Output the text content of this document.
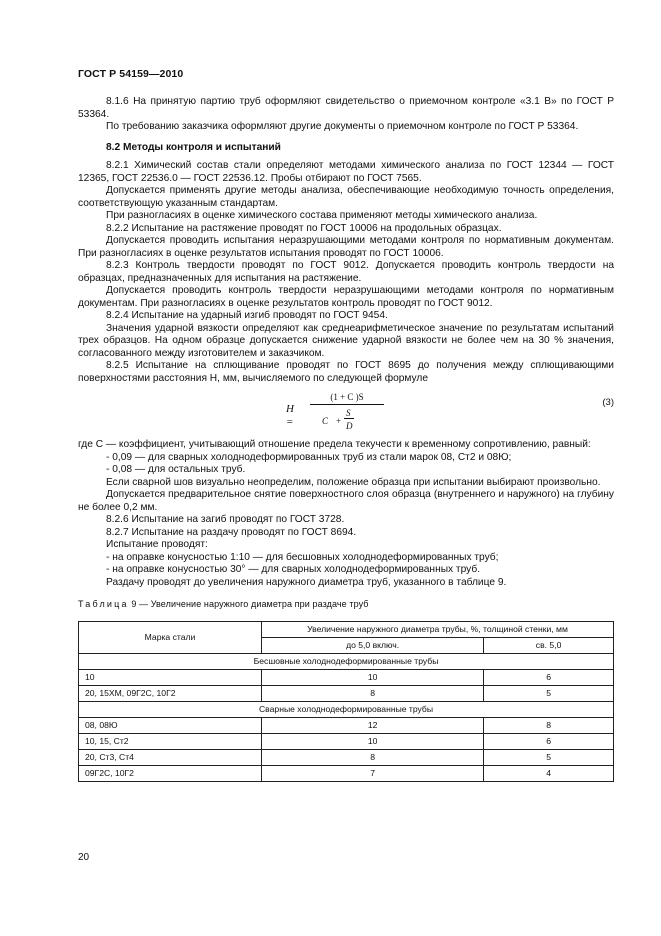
ГОСТ Р 54159—2010

8.1.6 На принятую партию труб оформляют свидетельство о приемочном контроле «3.1 В» по ГОСТ Р 53364.

По требованию заказчика оформляют другие документы о приемочном контроле по ГОСТ Р 53364.

8.2 Методы контроля и испытаний

8.2.1 Химический состав стали определяют методами химического анализа по ГОСТ 12344 — ГОСТ 12365, ГОСТ 22536.0 — ГОСТ 22536.12. Пробы отбирают по ГОСТ 7565.

Допускается применять другие методы анализа, обеспечивающие необходимую точность определения, соответствующую указанным стандартам.

При разногласиях в оценке химического состава применяют методы химического анализа.

8.2.2 Испытание на растяжение проводят по ГОСТ 10006 на продольных образцах.

Допускается проводить испытания неразрушающими методами контроля по нормативным документам. При разногласиях в оценке результатов испытания проводят по ГОСТ 10006.

8.2.3 Контроль твердости проводят по ГОСТ 9012. Допускается проводить контроль твердости на образцах, предназначенных для испытания на растяжение.

Допускается проводить контроль твердости неразрушающими методами контроля по нормативным документам. При разногласиях в оценке результатов контроль проводят по ГОСТ 9012.

8.2.4 Испытание на ударный изгиб проводят по ГОСТ 9454.

Значения ударной вязкости определяют как среднеарифметическое значение по результатам испытаний трех образцов. На одном образце допускается снижение ударной вязкости не более чем на 30 % значения, согласованного между изготовителем и заказчиком.

8.2.5 Испытание на сплющивание проводят по ГОСТ 8695 до получения между сплющивающими поверхностями расстояния H, мм, вычисляемого по следующей формуле

H =
(1 + C )S
C +
S
D
(3)

где C — коэффициент, учитывающий отношение предела текучести к временному сопротивлению, равный:

- 0,09 — для сварных холоднодеформированных труб из стали марок 08, Ст2 и 08Ю;

- 0,08 — для остальных труб.

Если сварной шов визуально неопределим, положение образца при испытании выбирают произвольно.

Допускается предварительное снятие поверхностного слоя образца (внутреннего и наружного) на глубину не более 0,2 мм.

8.2.6 Испытание на загиб проводят по ГОСТ 3728.

8.2.7 Испытание на раздачу проводят по ГОСТ 8694.

Испытание проводят:

- на оправке конусностью 1:10 — для бесшовных холоднодеформированных труб;

- на оправке конусностью 30° — для сварных холоднодеформированных труб.

Раздачу проводят до увеличения наружного диаметра труб, указанного в таблице 9.

Таблица 9 — Увеличение наружного диаметра при раздаче труб
Марка стали	Увеличение наружного диаметра трубы, %, толщиной стенки, мм	
	до 5,0 включ.	св. 5,0
Бесшовные холоднодеформированные трубы		
10	10	6
20, 15ХМ, 09Г2С, 10Г2	8	5
Сварные холоднодеформированные трубы		
08, 08Ю	12	8
10, 15, Ст2	10	6
20, Ст3, Ст4	8	5
09Г2С, 10Г2	7	4
20
